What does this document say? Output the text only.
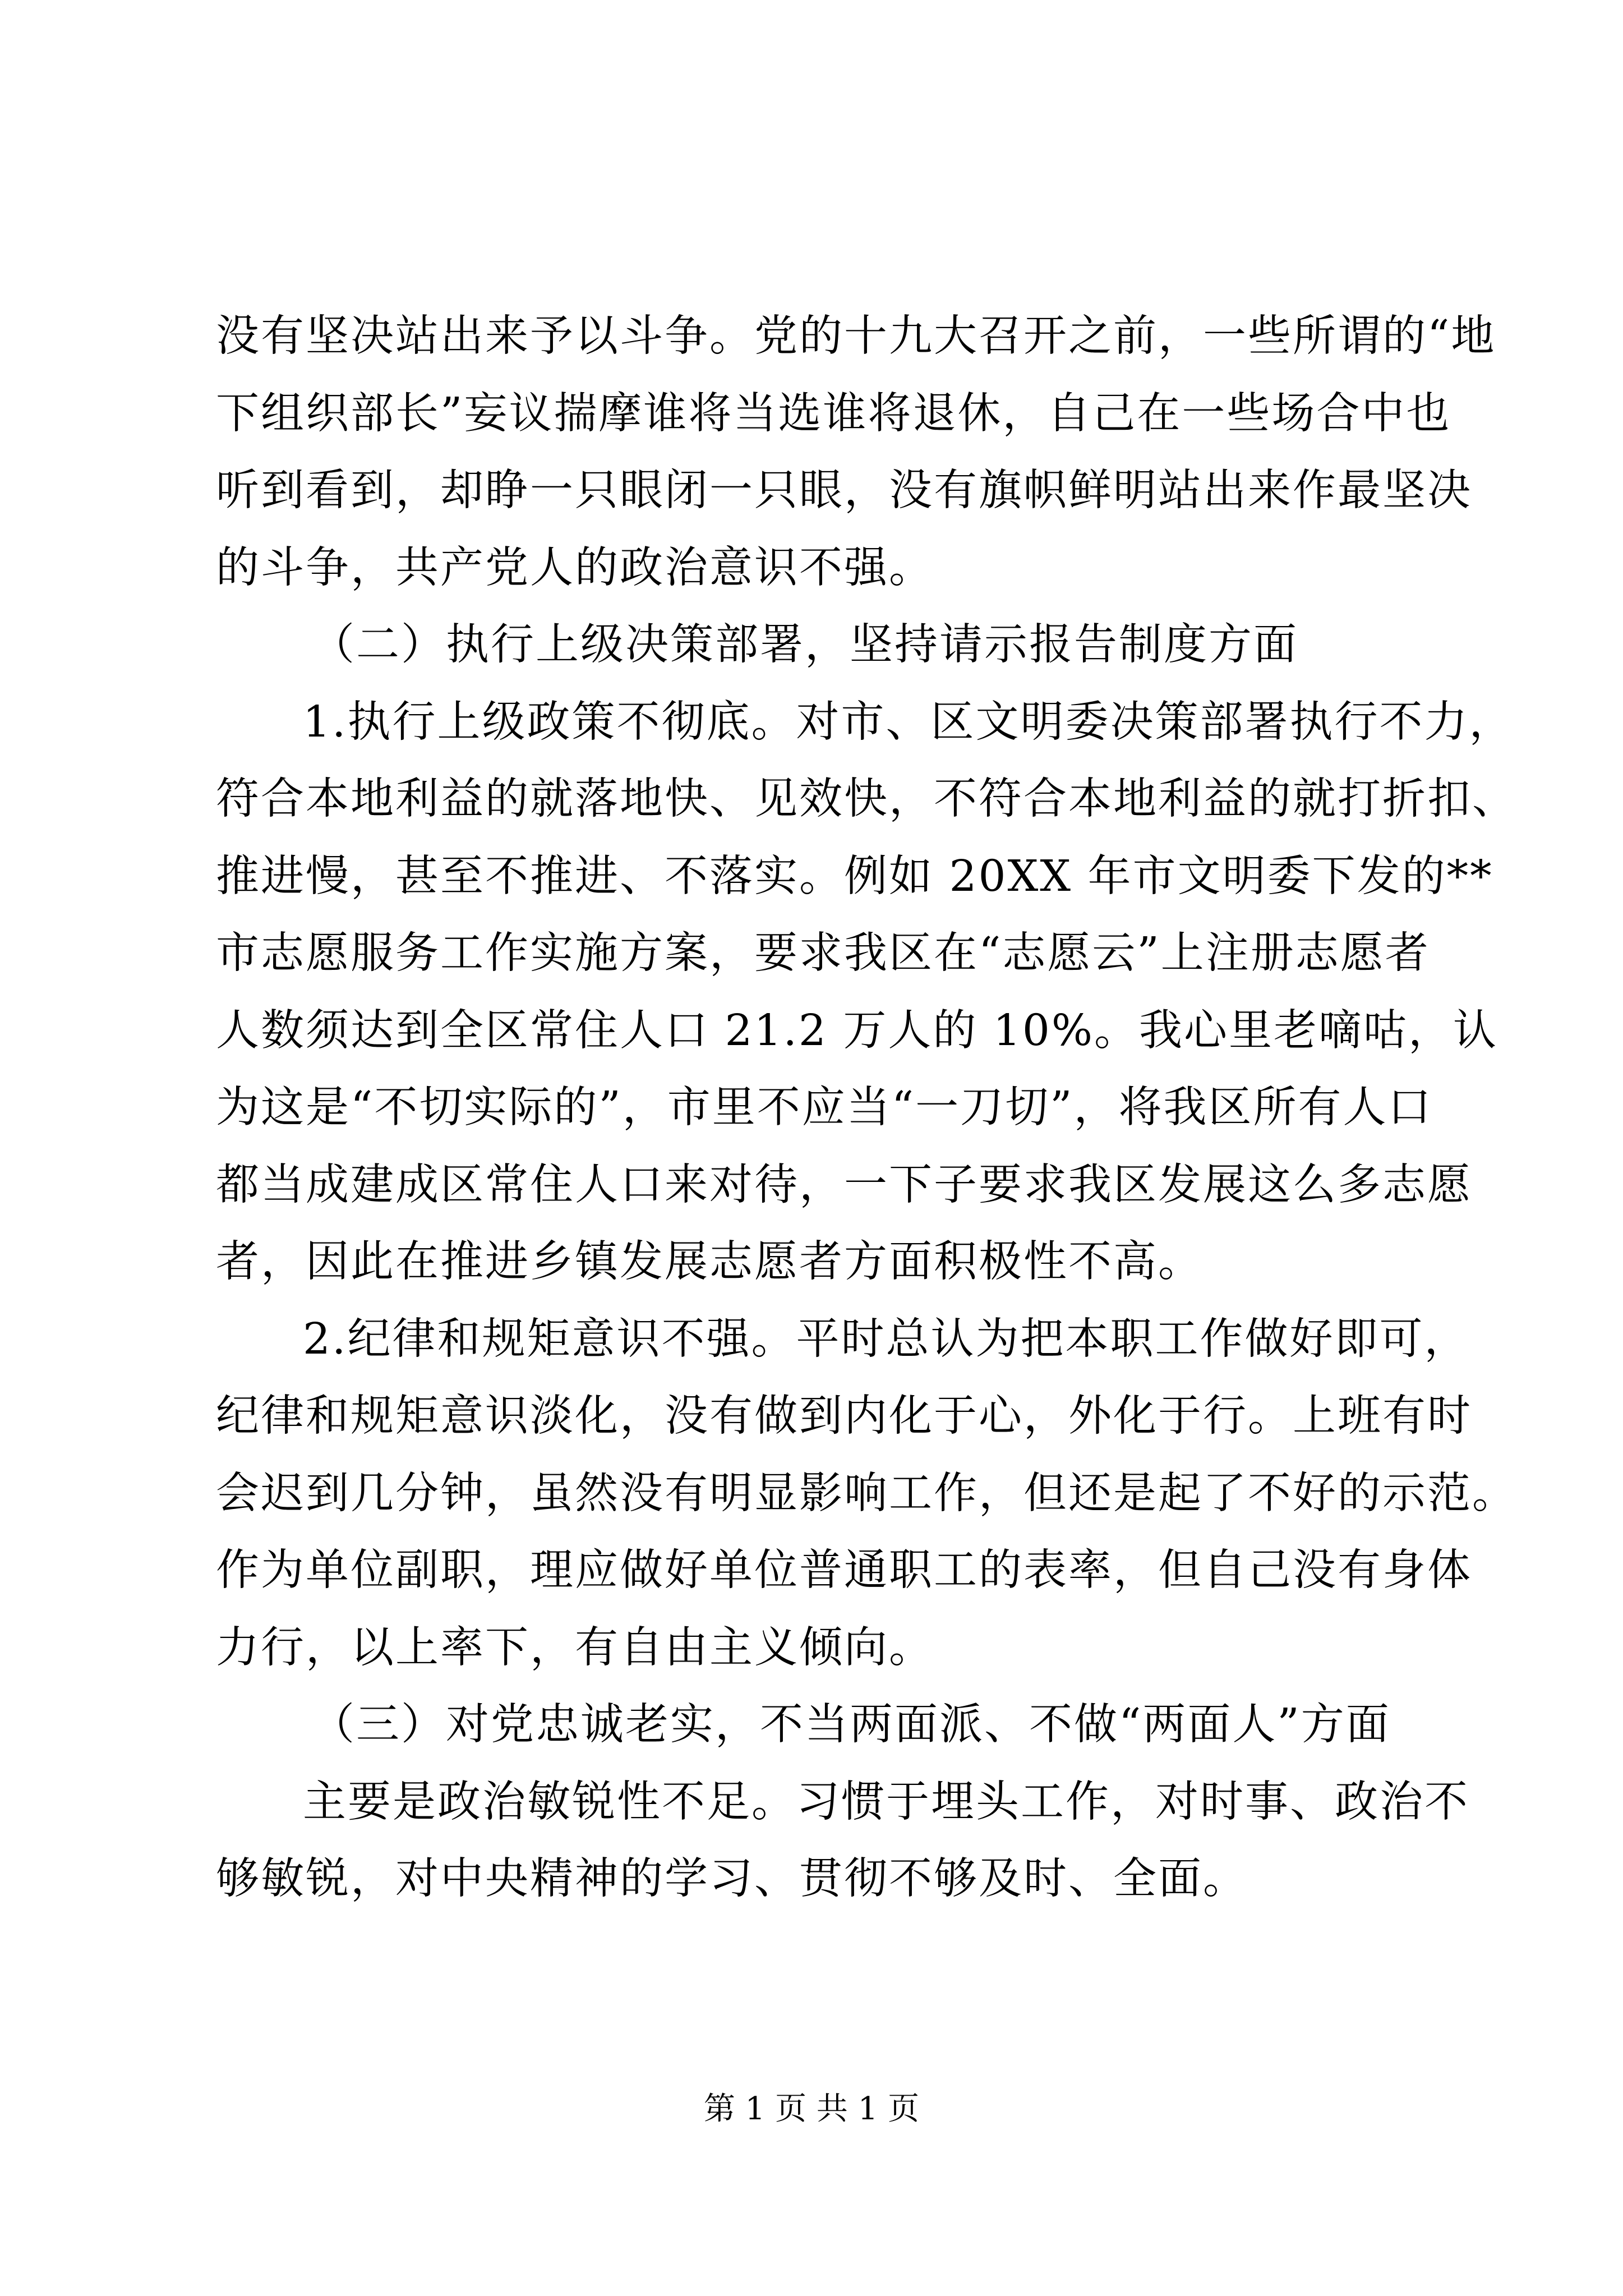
没有坚决站出来予以斗争。党的十九大召开之前，一些所谓的“地
下组织部长”妄议揣摩谁将当选谁将退休，自己在一些场合中也
听到看到，却睁一只眼闭一只眼，没有旗帜鲜明站出来作最坚决
的斗争，共产党人的政治意识不强。
（二）执行上级决策部署，坚持请示报告制度方面
1.执行上级政策不彻底。对市、区文明委决策部署执行不力，
符合本地利益的就落地快、见效快，不符合本地利益的就打折扣、
推进慢，甚至不推进、不落实。例如 20XX 年市文明委下发的**
市志愿服务工作实施方案，要求我区在“志愿云”上注册志愿者
人数须达到全区常住人口 21.2 万人的 10%。我心里老嘀咕，认
为这是“不切实际的”，市里不应当“一刀切”，将我区所有人口
都当成建成区常住人口来对待，一下子要求我区发展这么多志愿
者，因此在推进乡镇发展志愿者方面积极性不高。
2.纪律和规矩意识不强。平时总认为把本职工作做好即可，
纪律和规矩意识淡化，没有做到内化于心，外化于行。上班有时
会迟到几分钟，虽然没有明显影响工作，但还是起了不好的示范。
作为单位副职，理应做好单位普通职工的表率，但自己没有身体
力行，以上率下，有自由主义倾向。
（三）对党忠诚老实，不当两面派、不做“两面人”方面
主要是政治敏锐性不足。习惯于埋头工作，对时事、政治不
够敏锐，对中央精神的学习、贯彻不够及时、全面。
第 1 页 共 1 页
